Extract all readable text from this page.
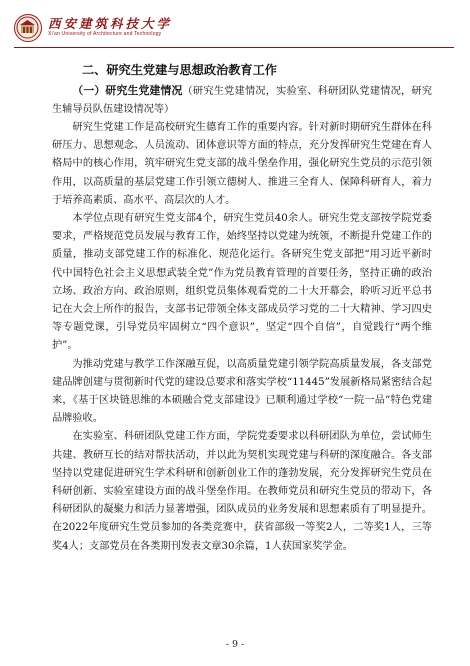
西安建筑科技大学
Xi'an University of Architecture and Technology
二、研究生党建与思想政治教育工作

（一）研究生党建情况（研究生党建情况，实验室、科研团队党建情况，研究生辅导员队伍建设情况等）

研究生党建工作是高校研究生德育工作的重要内容。针对新时期研究生群体在科研压力、思想观念、人员流动、团体意识等方面的特点，充分发挥研究生党建在育人格局中的核心作用，筑牢研究生党支部的战斗堡垒作用，强化研究生党员的示范引领作用，以高质量的基层党建工作引领立德树人、推进三全育人、保障科研育人，着力于培养高素质、高水平、高层次的人才。

本学位点现有研究生党支部4个，研究生党员40余人。研究生党支部按学院党委要求，严格规范党员发展与教育工作，始终坚持以党建为统领，不断提升党建工作的质量，推动支部党建工作的标准化、规范化运行。各研究生党支部把“用习近平新时代中国特色社会主义思想武装全党”作为党员教育管理的首要任务，坚持正确的政治立场、政治方向、政治原则，组织党员集体观看党的二十大开幕会，聆听习近平总书记在大会上所作的报告，支部书记带领全体支部成员学习党的二十大精神、学习四史等专题党课，引导党员牢固树立“四个意识”，坚定“四个自信”，自觉践行“两个维护”。

为推动党建与教学工作深融互促，以高质量党建引领学院高质量发展，各支部党建品牌创建与贯彻新时代党的建设总要求和落实学校“11445”发展新格局紧密结合起来，《基于区块链思维的本硕融合党支部建设》已顺利通过学校“一院一品”特色党建品牌验收。

在实验室、科研团队党建工作方面，学院党委要求以科研团队为单位，尝试师生共建、教研互长的结对帮扶活动，并以此为契机实现党建与科研的深度融合。各支部坚持以党建促进研究生学术科研和创新创业工作的蓬勃发展，充分发挥研究生党员在科研创新、实验室建设方面的战斗堡垒作用。在教师党员和研究生党员的带动下，各科研团队的凝聚力和活力显著增强，团队成员的业务发展和思想素质有了明显提升。在2022年度研究生党员参加的各类竞赛中，获省部级一等奖2人，二等奖1人，三等奖4人；支部党员在各类期刊发表文章30余篇，1人获国家奖学金。

- 9 -
